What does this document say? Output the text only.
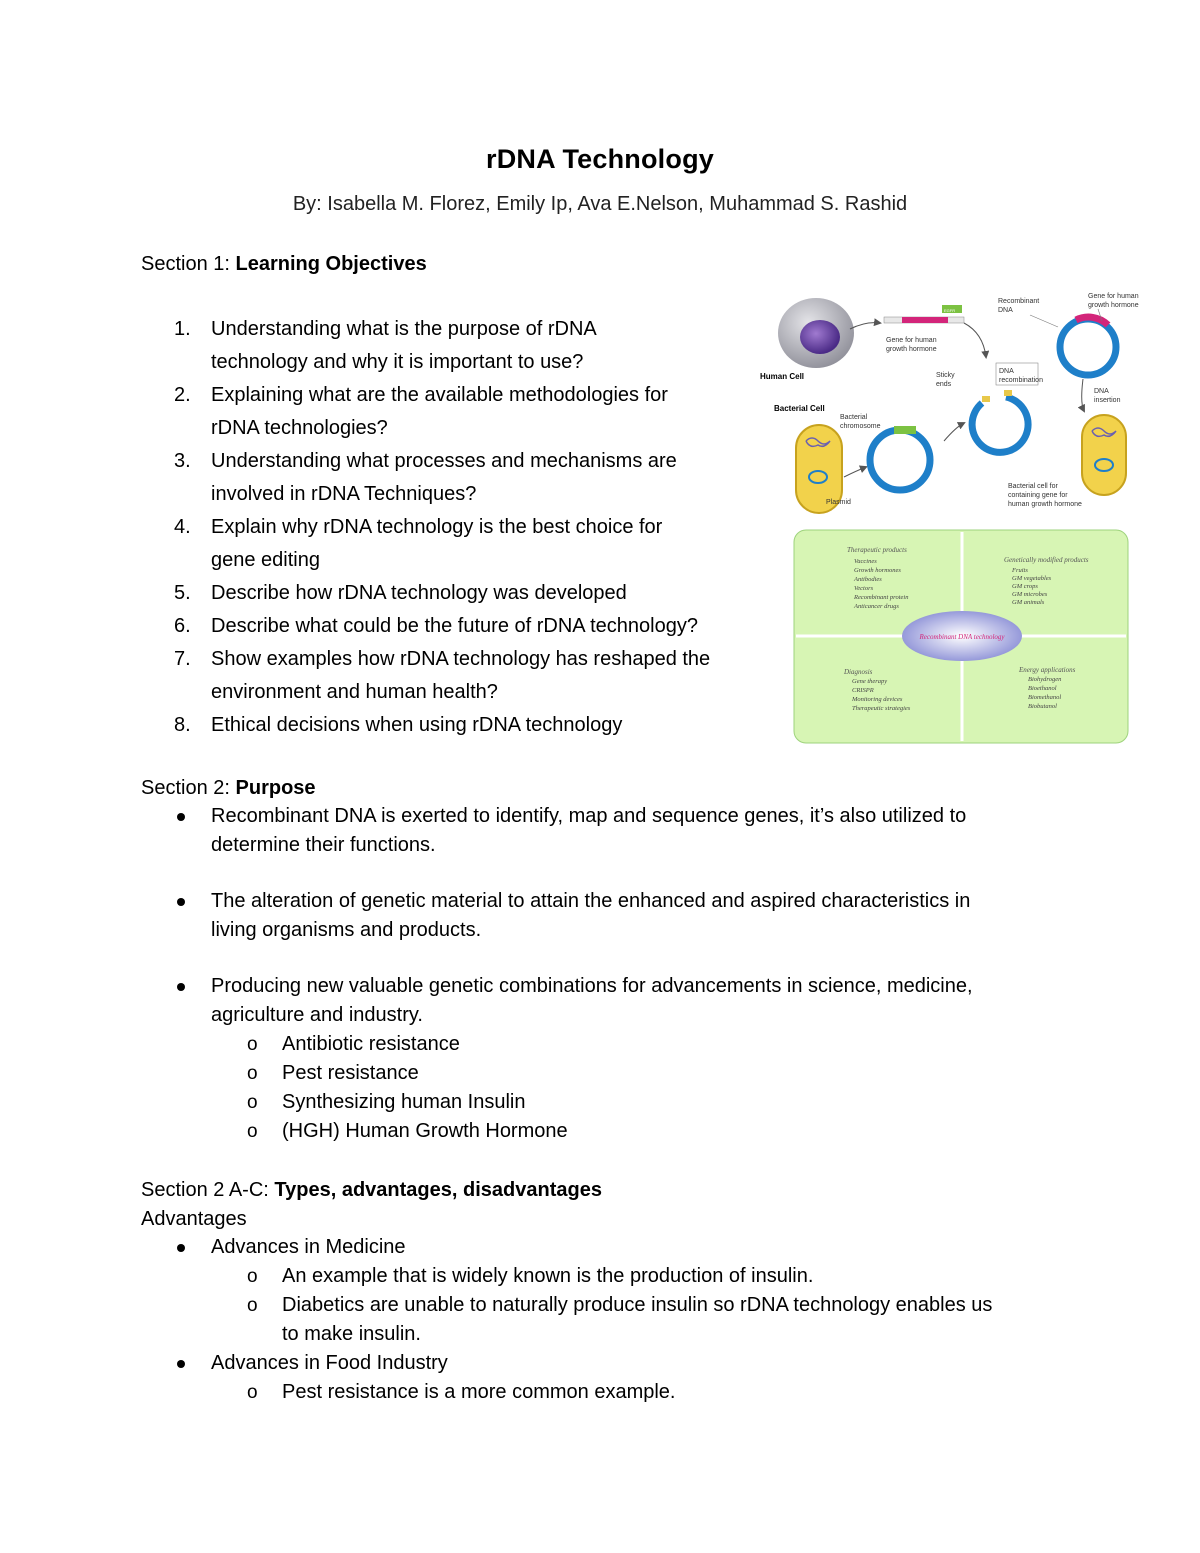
rDNA Technology
By: Isabella M. Florez, Emily Ip, Ava E.Nelson, Muhammad S. Rashid
Section 1: Learning Objectives
1. Understanding what is the purpose of rDNA
technology and why it is important to use?
2. Explaining what are the available methodologies for
rDNA technologies?
3. Understanding what processes and mechanisms are
involved in rDNA Techniques?
4. Explain why rDNA technology is the best choice for
gene editing
5. Describe how rDNA technology was developed
6. Describe what could be the future of rDNA technology?
7. Show examples how rDNA technology has reshaped the
environment and human health?
8. Ethical decisions when using rDNA technology
Human Cell
EGFR
Gene for human
growth hormone
Recombinant
DNA
Gene for human
growth hormone
Sticky
ends
DNA
recombination
DNA
insertion
Bacterial Cell
Bacterial
chromosome
Plasmid
Bacterial cell for
containing gene for
human growth hormone
Recombinant DNA technology
Therapeutic products
Vaccines
Growth hormones
Antibodies
Vectors
Recombinant protein
Anticancer drugs
Genetically modified products
Fruits
GM vegetables
GM crops
GM microbes
GM animals
Diagnosis
Gene therapy
CRISPR
Monitoring devices
Therapeutic strategies
Energy applications
Biohydrogen
Bioethanol
Biomethanol
Biobutanol
Section 2: Purpose
Recombinant DNA is exerted to identify, map and sequence genes, it’s also utilized to
determine their functions.
The alteration of genetic material to attain the enhanced and aspired characteristics in
living organisms and products.
Producing new valuable genetic combinations for advancements in science, medicine,
agriculture and industry.
o Antibiotic resistance
o Pest resistance
o Synthesizing human Insulin
o (HGH) Human Growth Hormone
Section 2 A-C: Types, advantages, disadvantages
Advantages
Advances in Medicine
o An example that is widely known is the production of insulin.
o Diabetics are unable to naturally produce insulin so rDNA technology enables us
to make insulin.
Advances in Food Industry
o Pest resistance is a more common example.
